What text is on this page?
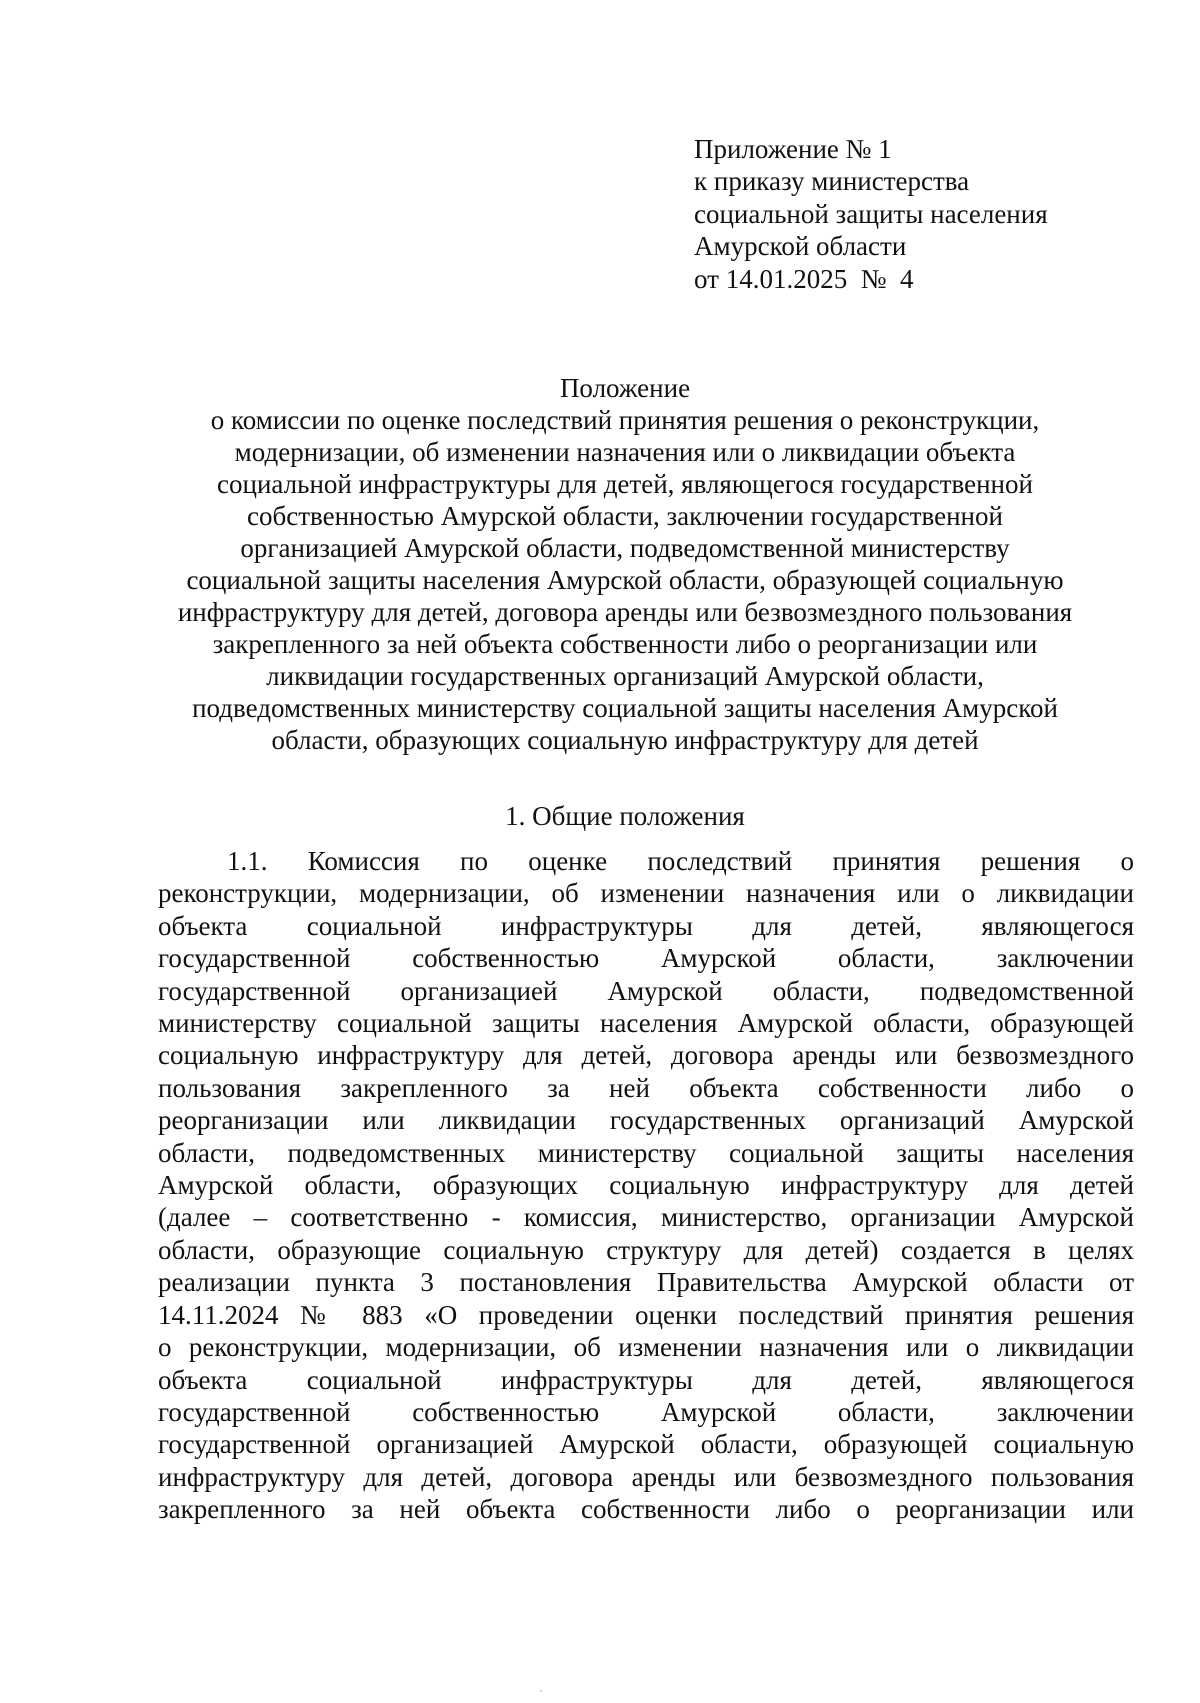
Приложение № 1
к приказу министерства
социальной защиты населения
Амурской области
от 14.01.2025  №  4
Положение
о комиссии по оценке последствий принятия решения о реконструкции,
модернизации, об изменении назначения или о ликвидации объекта
социальной инфраструктуры для детей, являющегося государственной
собственностью Амурской области, заключении государственной
организацией Амурской области, подведомственной министерству
социальной защиты населения Амурской области, образующей социальную
инфраструктуру для детей, договора аренды или безвозмездного пользования
закрепленного за ней объекта собственности либо о реорганизации или
ликвидации государственных организаций Амурской области,
подведомственных министерству социальной защиты населения Амурской
области, образующих социальную инфраструктуру для детей
1. Общие положения
1.1. Комиссия по оценке последствий принятия решения о
реконструкции, модернизации, об изменении назначения или о ликвидации
объекта социальной инфраструктуры для детей, являющегося
государственной собственностью Амурской области, заключении
государственной организацией Амурской области, подведомственной
министерству социальной защиты населения Амурской области, образующей
социальную инфраструктуру для детей, договора аренды или безвозмездного
пользования закрепленного за ней объекта собственности либо о
реорганизации или ликвидации государственных организаций Амурской
области, подведомственных министерству социальной защиты населения
Амурской области, образующих социальную инфраструктуру для детей
(далее – соответственно - комиссия, министерство, организации Амурской
области, образующие социальную структуру для детей) создается в целях
реализации пункта 3 постановления Правительства Амурской области от
14.11.2024 № 883 «О проведении оценки последствий принятия решения
о реконструкции, модернизации, об изменении назначения или о ликвидации
объекта социальной инфраструктуры для детей, являющегося
государственной собственностью Амурской области, заключении
государственной организацией Амурской области, образующей социальную
инфраструктуру для детей, договора аренды или безвозмездного пользования
закрепленного за ней объекта собственности либо о реорганизации или
